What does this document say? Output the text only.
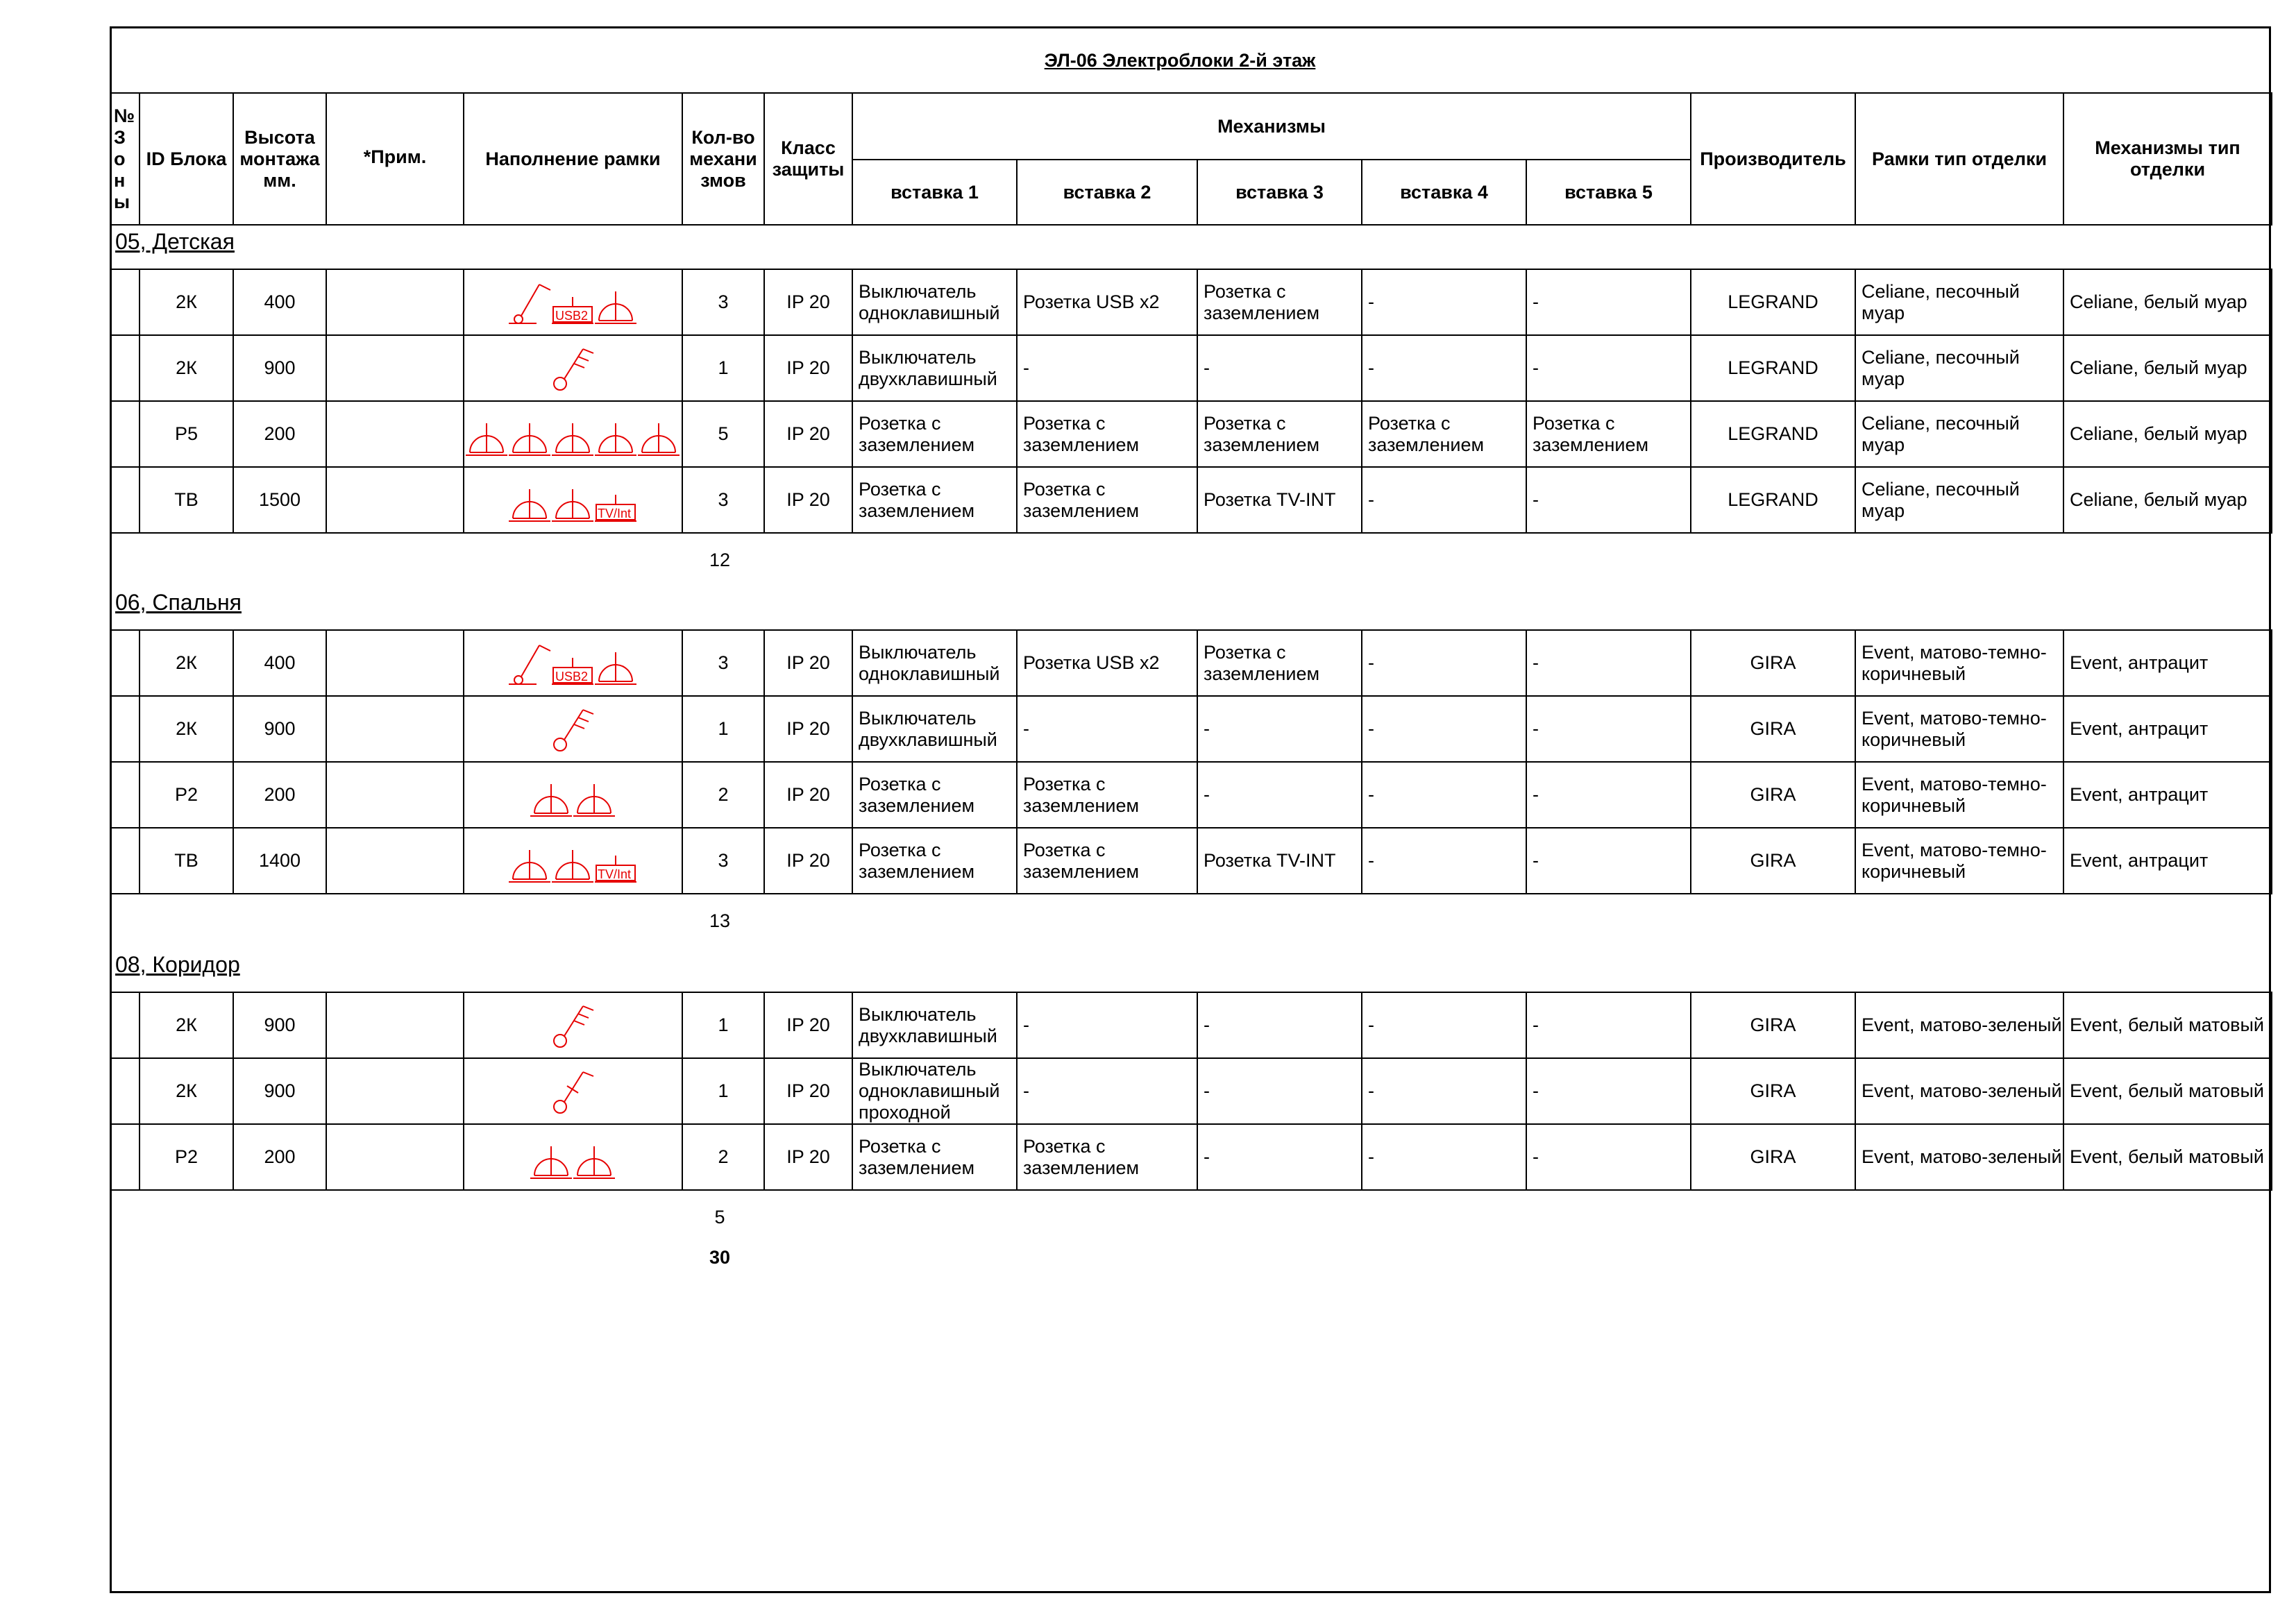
ЭЛ-06 Электроблоки 2-й этаж
№
З
о
н
ы	ID Блока	Высота монтажа мм.	*Прим.	Наполнение рамки	Кол-во механи змов	Класс защиты	Механизмы					Производитель	Рамки тип отделки	Механизмы тип отделки
							вставка 1	вставка 2	вставка 3	вставка 4	вставка 5			
05, Детская
	2К	400		USB2	3	IP 20	Выключатель одноклавишный	Розетка USB x2	Розетка с заземлением	-	-	LEGRAND	Celiane, песочный муар	Celiane, белый муар
	2К	900			1	IP 20	Выключатель двухклавишный	-	-	-	-	LEGRAND	Celiane, песочный муар	Celiane, белый муар
	Р5	200			5	IP 20	Розетка с заземлением	Розетка с заземлением	Розетка с заземлением	Розетка с заземлением	Розетка с заземлением	LEGRAND	Celiane, песочный муар	Celiane, белый муар
	ТВ	1500		TV/Int	3	IP 20	Розетка с заземлением	Розетка с заземлением	Розетка TV-INT	-	-	LEGRAND	Celiane, песочный муар	Celiane, белый муар
12
06, Спальня
	2К	400		USB2	3	IP 20	Выключатель одноклавишный	Розетка USB x2	Розетка с заземлением	-	-	GIRA	Event, матово-темно-коричневый	Event, антрацит
	2К	900			1	IP 20	Выключатель двухклавишный	-	-	-	-	GIRA	Event, матово-темно-коричневый	Event, антрацит
	Р2	200			2	IP 20	Розетка с заземлением	Розетка с заземлением	-	-	-	GIRA	Event, матово-темно-коричневый	Event, антрацит
	ТВ	1400		TV/Int	3	IP 20	Розетка с заземлением	Розетка с заземлением	Розетка TV-INT	-	-	GIRA	Event, матово-темно-коричневый	Event, антрацит
13
08, Коридор
	2К	900			1	IP 20	Выключатель двухклавишный	-	-	-	-	GIRA	Event, матово-зеленый	Event, белый матовый
	2К	900			1	IP 20	Выключатель одноклавишный проходной	-	-	-	-	GIRA	Event, матово-зеленый	Event, белый матовый
	Р2	200			2	IP 20	Розетка с заземлением	Розетка с заземлением	-	-	-	GIRA	Event, матово-зеленый	Event, белый матовый
5
30
